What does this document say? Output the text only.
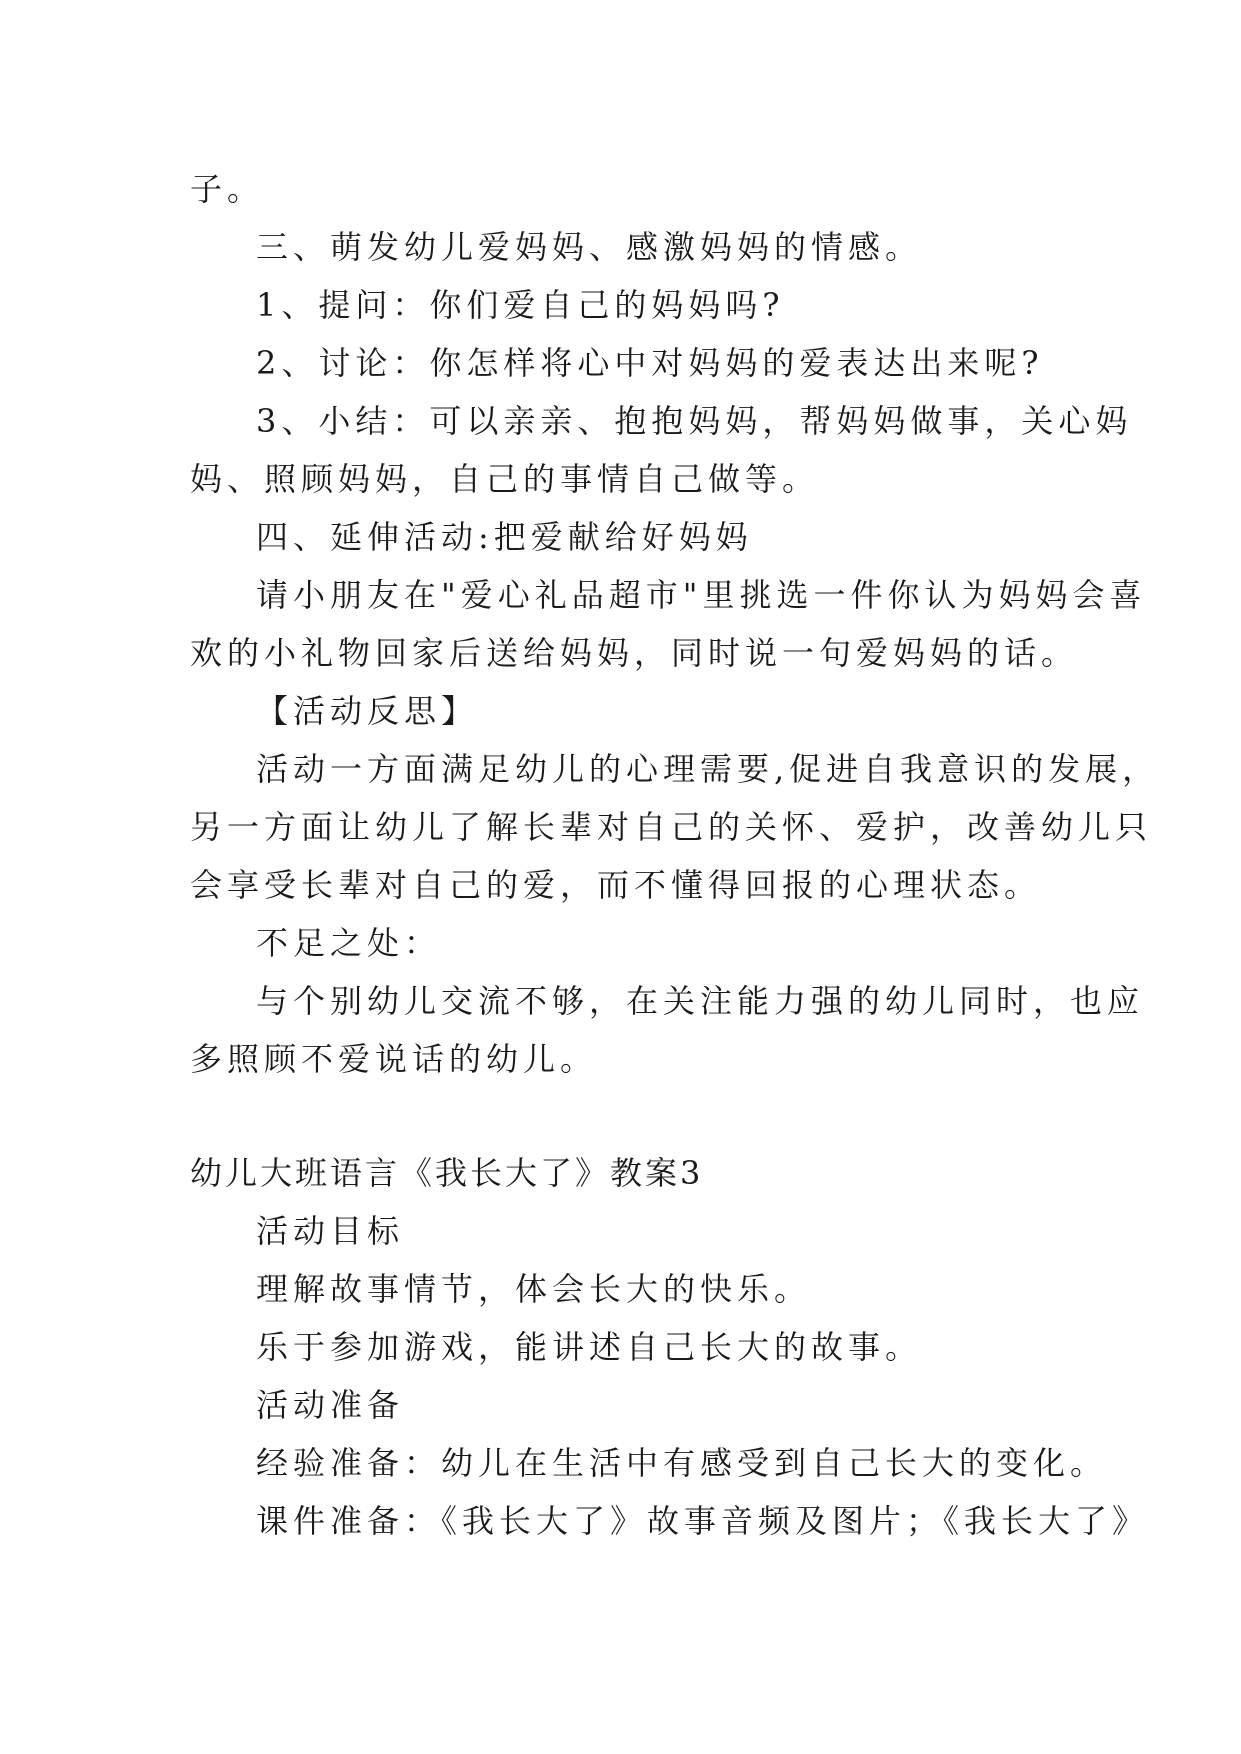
子。
三、萌发幼儿爱妈妈、感激妈妈的情感。
1、提问：你们爱自己的妈妈吗?
2、讨论：你怎样将心中对妈妈的爱表达出来呢?
3、小结：可以亲亲、抱抱妈妈，帮妈妈做事，关心妈
妈、照顾妈妈，自己的事情自己做等。
四、延伸活动:把爱献给好妈妈
请小朋友在"爱心礼品超市"里挑选一件你认为妈妈会喜
欢的小礼物回家后送给妈妈，同时说一句爱妈妈的话。
【活动反思】
活动一方面满足幼儿的心理需要,促进自我意识的发展，
另一方面让幼儿了解长辈对自己的关怀、爱护，改善幼儿只
会享受长辈对自己的爱，而不懂得回报的心理状态。
不足之处：
与个别幼儿交流不够，在关注能力强的幼儿同时，也应
多照顾不爱说话的幼儿。
幼儿大班语言《我长大了》教案3
活动目标
理解故事情节，体会长大的快乐。
乐于参加游戏，能讲述自己长大的故事。
活动准备
经验准备：幼儿在生活中有感受到自己长大的变化。
课件准备：《我长大了》故事音频及图片；《我长大了》
